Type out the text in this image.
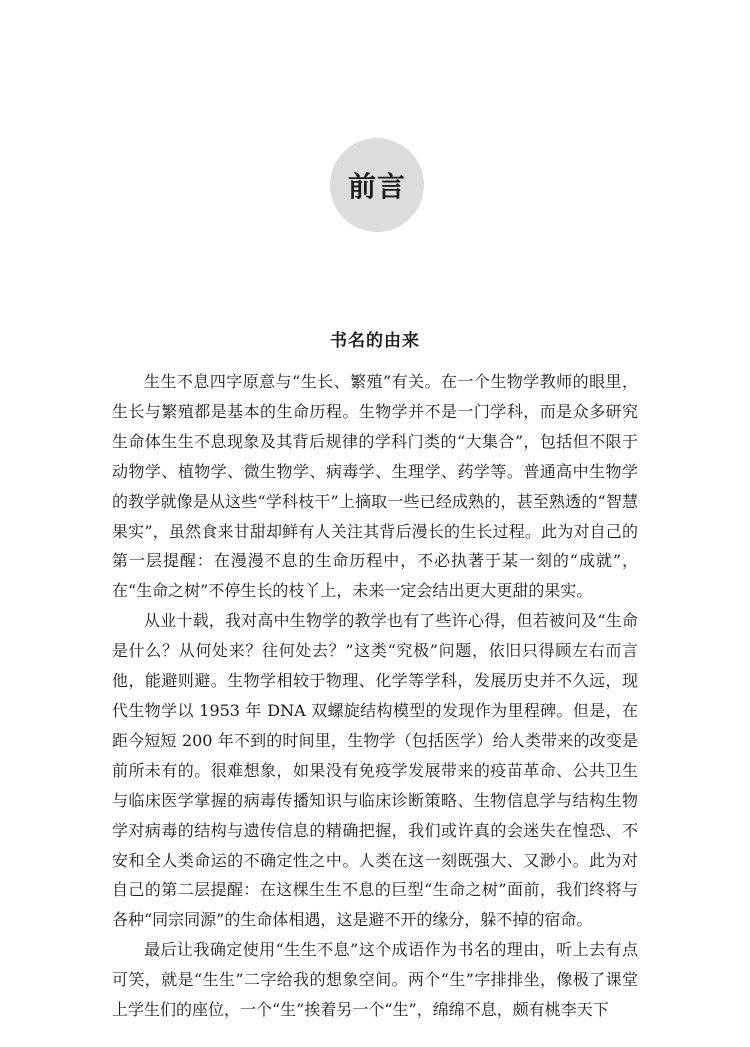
前言
书名的由来

生生不息四字原意与“生长、繁殖”有关。在一个生物学教师的眼里，生长与繁殖都是基本的生命历程。生物学并不是一门学科，而是众多研究生命体生生不息现象及其背后规律的学科门类的“大集合”，包括但不限于动物学、植物学、微生物学、病毒学、生理学、药学等。普通高中生物学的教学就像是从这些“学科枝干”上摘取一些已经成熟的，甚至熟透的“智慧果实”，虽然食来甘甜却鲜有人关注其背后漫长的生长过程。此为对自己的第一层提醒：在漫漫不息的生命历程中，不必执著于某一刻的“成就”，在“生命之树”不停生长的枝丫上，未来一定会结出更大更甜的果实。

从业十载，我对高中生物学的教学也有了些许心得，但若被问及“生命是什么？从何处来？往何处去？”这类“究极”问题，依旧只得顾左右而言他，能避则避。生物学相较于物理、化学等学科，发展历史并不久远，现代生物学以 1953 年 DNA 双螺旋结构模型的发现作为里程碑。但是，在距今短短 200 年不到的时间里，生物学（包括医学）给人类带来的改变是前所未有的。很难想象，如果没有免疫学发展带来的疫苗革命、公共卫生与临床医学掌握的病毒传播知识与临床诊断策略、生物信息学与结构生物学对病毒的结构与遗传信息的精确把握，我们或许真的会迷失在惶恐、不安和全人类命运的不确定性之中。人类在这一刻既强大、又渺小。此为对自己的第二层提醒：在这棵生生不息的巨型“生命之树”面前，我们终将与各种“同宗同源”的生命体相遇，这是避不开的缘分，躲不掉的宿命。

最后让我确定使用“生生不息”这个成语作为书名的理由，听上去有点可笑，就是“生生”二字给我的想象空间。两个“生”字排排坐，像极了课堂上学生们的座位，一个“生”挨着另一个“生”，绵绵不息，颇有桃李天下
